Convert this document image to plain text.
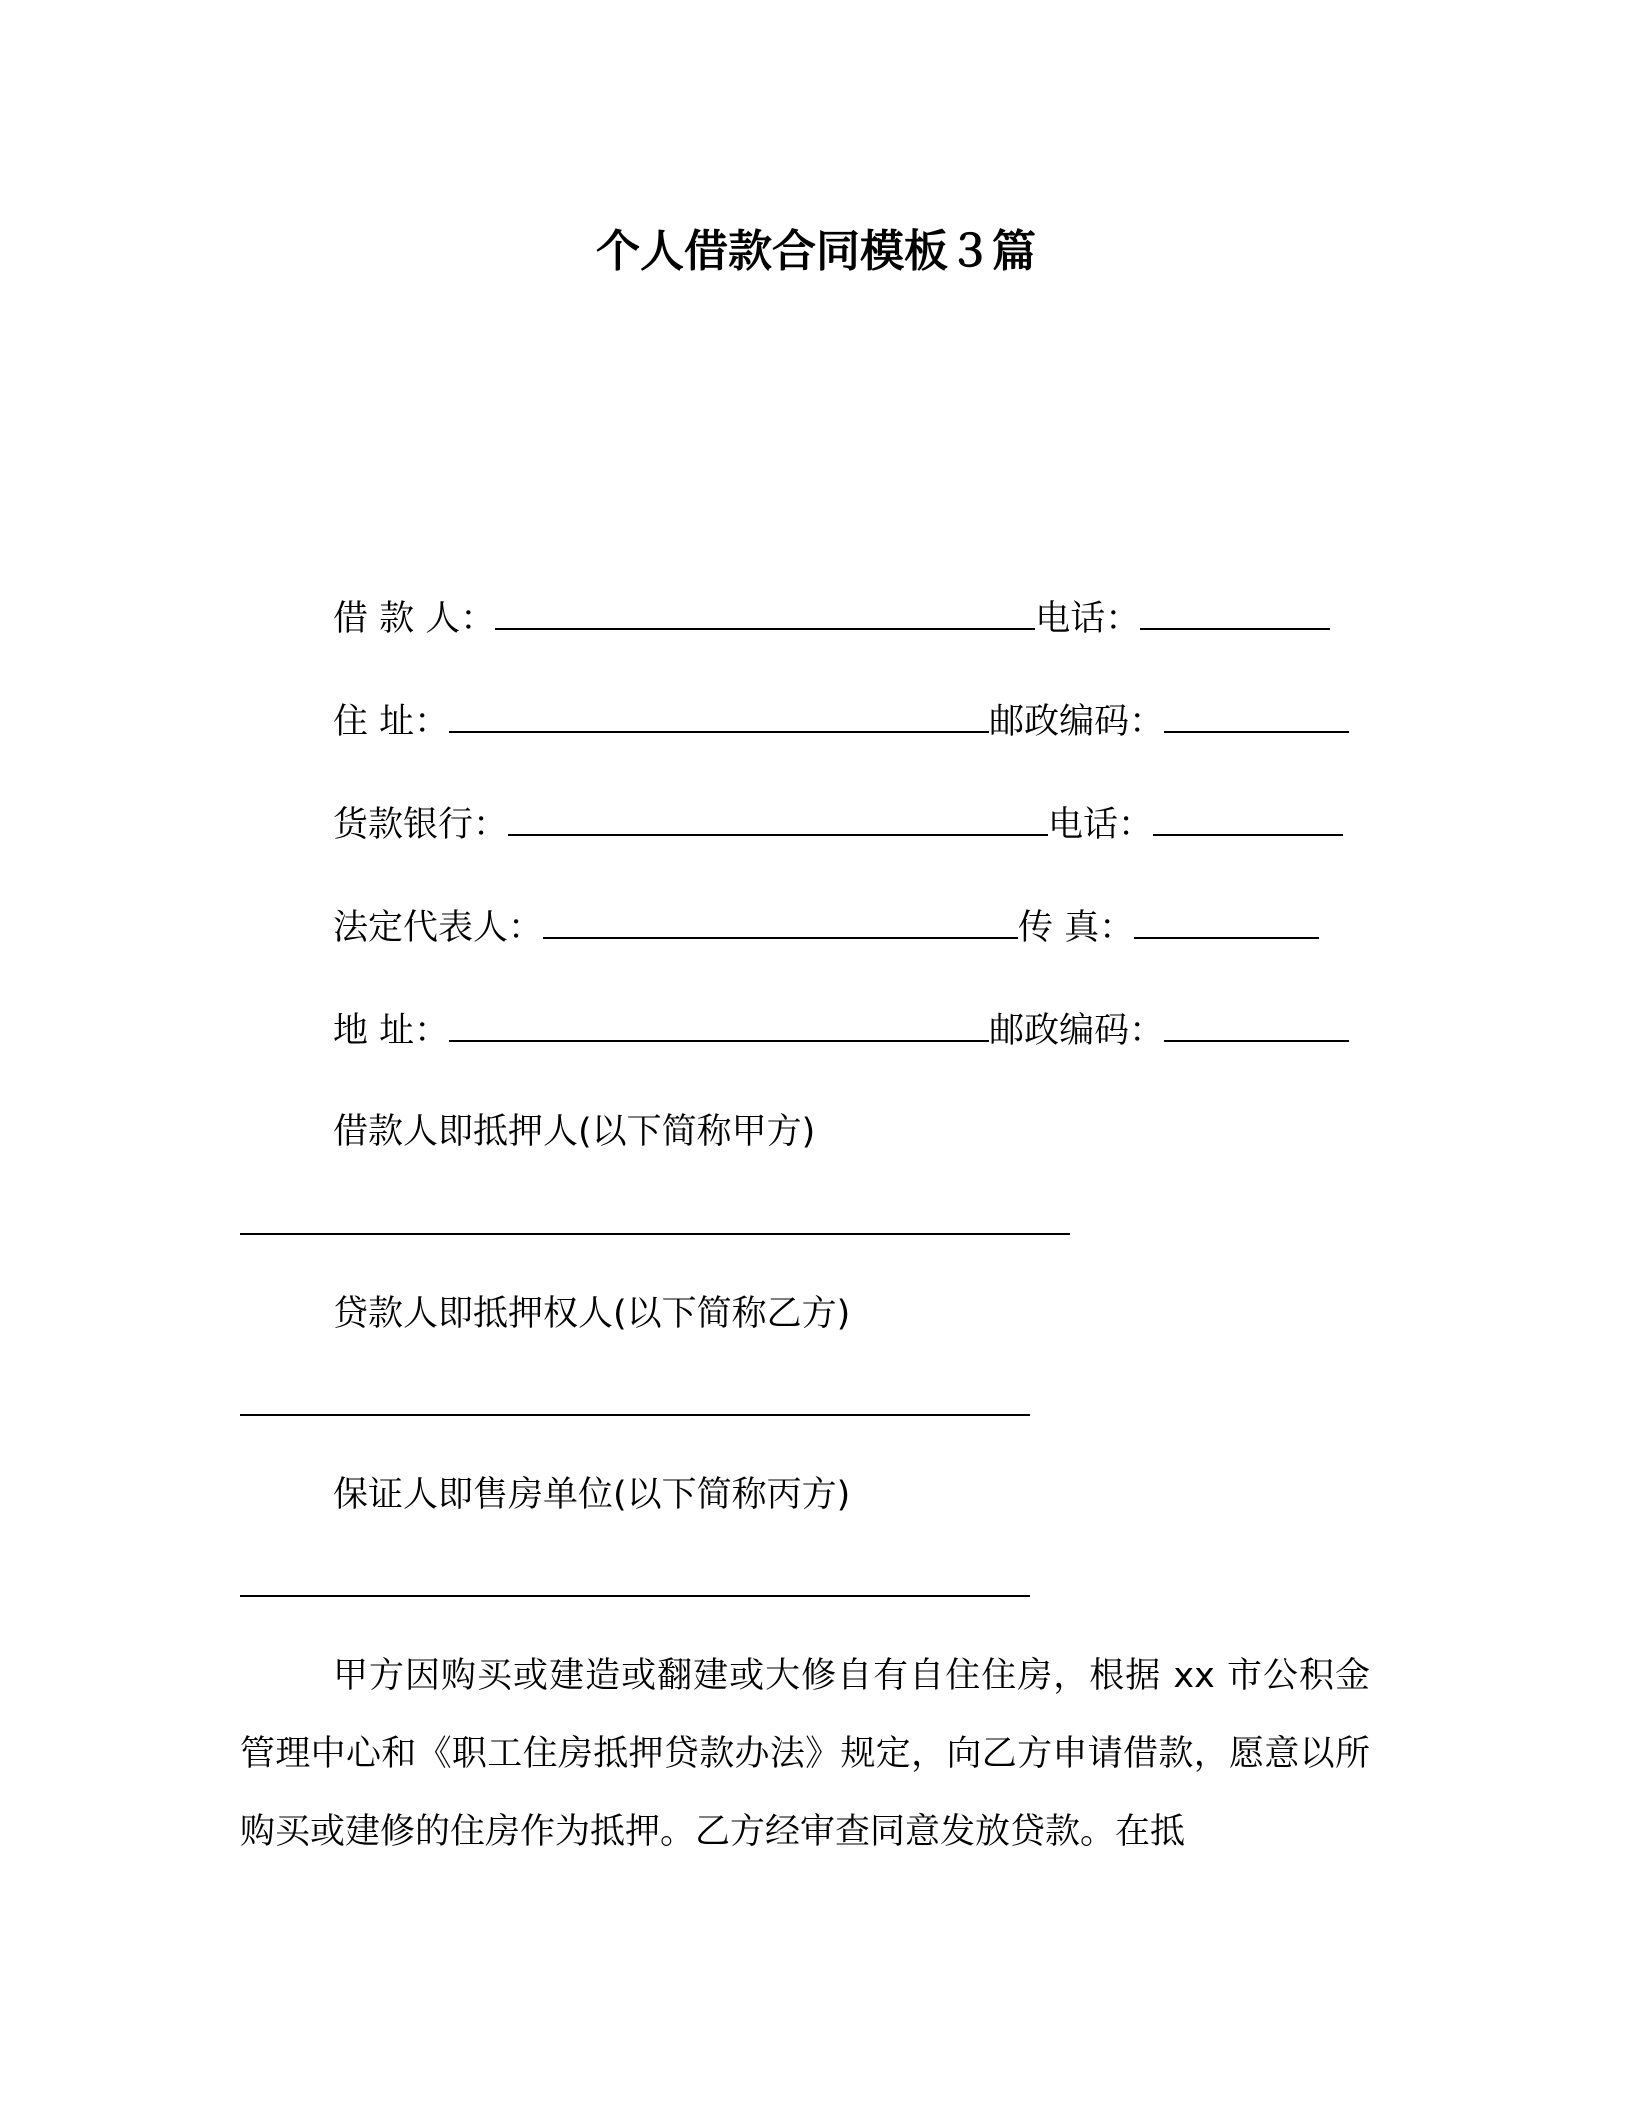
个人借款合同模板３篇
借 款 人：	电话：
住 址：	邮政编码：
货款银行：	电话：
法定代表人：	传 真：
地 址：	邮政编码：
借款人即抵押人(以下简称甲方)
贷款人即抵押权人(以下简称乙方)
保证人即售房单位(以下简称丙方)
甲方因购买或建造或翻建或大修自有自住住房，根据 xx 市公积金管理中心和《职工住房抵押贷款办法》规定，向乙方申请借款，愿意以所购买或建修的住房作为抵押。乙方经审查同意发放贷款。在抵
